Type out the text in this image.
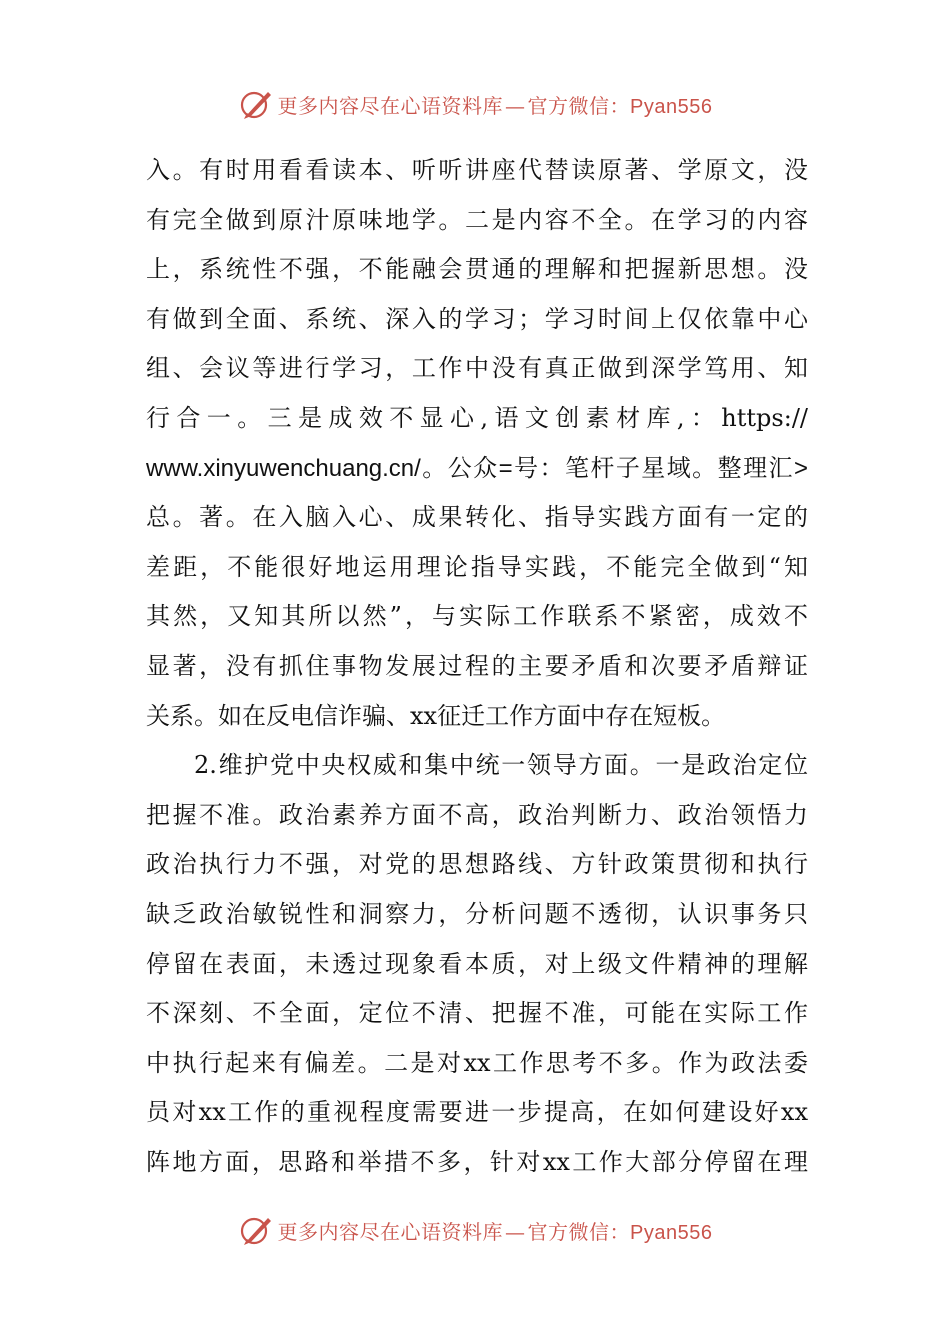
更多内容尽在心语资料库 — 官方微信：Pyan556
入。有时用看看读本、听听讲座代替读原著、学原文，没
有完全做到原汁原味地学。二是内容不全。在学习的内容
上，系统性不强，不能融会贯通的理解和把握新思想。没
有做到全面、系统、深入的学习；学习时间上仅依靠中心
组、会议等进行学习，工作中没有真正做到深学笃用、知
行合一。三是成效不显心,语文创素材库,：https://
www.xinyuwenchuang.cn/。公众=号：笔杆子星域。整理汇>
总。著。在入脑入心、成果转化、指导实践方面有一定的
差距，不能很好地运用理论指导实践，不能完全做到“知
其然，又知其所以然”，与实际工作联系不紧密，成效不
显著，没有抓住事物发展过程的主要矛盾和次要矛盾辩证
关系。如在反电信诈骗、xx征迁工作方面中存在短板。
2.维护党中央权威和集中统一领导方面。一是政治定位
把握不准。政治素养方面不高，政治判断力、政治领悟力
政治执行力不强，对党的思想路线、方针政策贯彻和执行
缺乏政治敏锐性和洞察力，分析问题不透彻，认识事务只
停留在表面，未透过现象看本质，对上级文件精神的理解
不深刻、不全面，定位不清、把握不准，可能在实际工作
中执行起来有偏差。二是对xx工作思考不多。作为政法委
员对xx工作的重视程度需要进一步提高，在如何建设好xx
阵地方面，思路和举措不多，针对xx工作大部分停留在理
更多内容尽在心语资料库 — 官方微信：Pyan556
